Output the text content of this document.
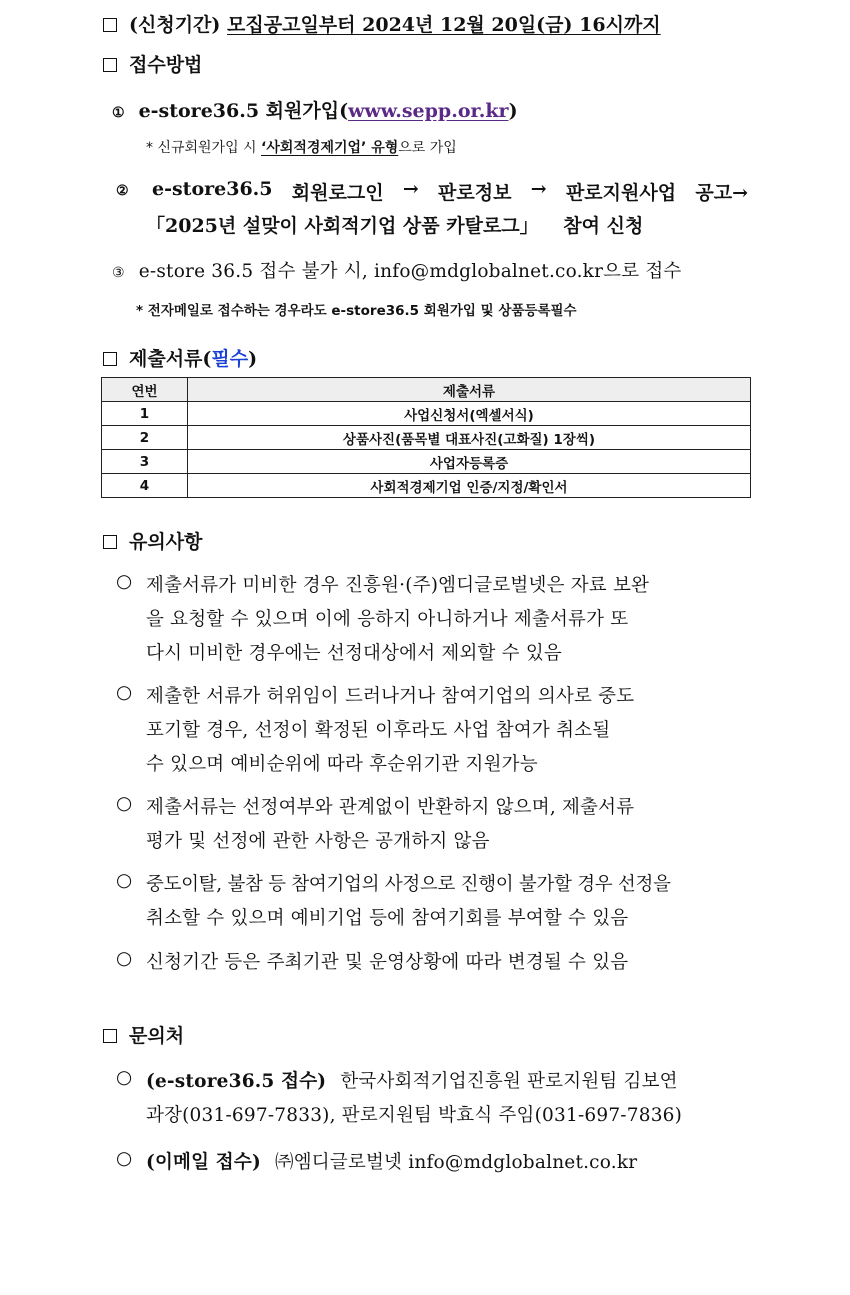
(신청기간) 모집공고일부터 2024년 12월 20일(금) 16시까지
접수방법
① e-store36.5 회원가입(www.sepp.or.kr)
* 신규회원가입 시 ‘사회적경제기업’ 유형으로 가입
②	e-store36.5 회원로그인 → 판로정보 → 판로지원사업 공고→
「2025년 설맞이 사회적기업 상품 카탈로그」 참여 신청
③ e-store 36.5 접수 불가 시, info@mdglobalnet.co.kr으로 접수
* 전자메일로 접수하는 경우라도 e-store36.5 회원가입 및 상품등록필수
제출서류(필수)
연번	제출서류
1	사업신청서(엑셀서식)
2	상품사진(품목별 대표사진(고화질) 1장씩)
3	사업자등록증
4	사회적경제기업 인증/지정/확인서
유의사항
○ 제출서류가 미비한 경우 진흥원·(주)엠디글로벌넷은 자료 보완
을 요청할 수 있으며 이에 응하지 아니하거나 제출서류가 또
다시 미비한 경우에는 선정대상에서 제외할 수 있음
○ 제출한 서류가 허위임이 드러나거나 참여기업의 의사로 중도
포기할 경우, 선정이 확정된 이후라도 사업 참여가 취소될
수 있으며 예비순위에 따라 후순위기관 지원가능
○ 제출서류는 선정여부와 관계없이 반환하지 않으며, 제출서류
평가 및 선정에 관한 사항은 공개하지 않음
○ 중도이탈, 불참 등 참여기업의 사정으로 진행이 불가할 경우 선정을
취소할 수 있으며 예비기업 등에 참여기회를 부여할 수 있음
○ 신청기간 등은 주최기관 및 운영상황에 따라 변경될 수 있음
문의처
○ (e-store36.5 접수) 한국사회적기업진흥원 판로지원팀 김보연
과장(031-697-7833), 판로지원팀 박효식 주임(031-697-7836)
○ (이메일 접수) ㈜엠디글로벌넷 info@mdglobalnet.co.kr
